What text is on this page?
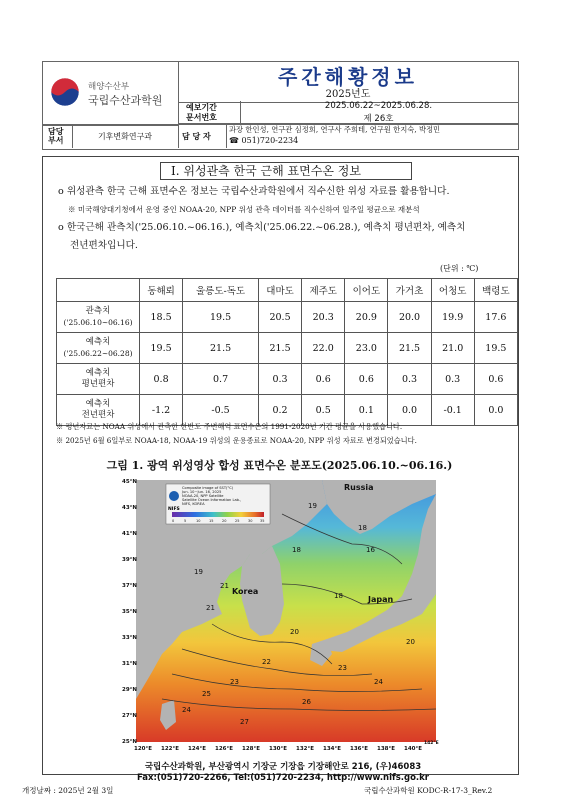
해양수산부
국립수산과학원
주간해황정보
2025년도
예보기간
문서번호
2025.06.22~2025.06.28.
제 26호
담당부서	기후변화연구과	담 당 자
과장 한인성, 연구관 심정희, 연구사 주희테, 연구원 한지숙, 박정민
☎ 051)720-2234
I. 위성관측 한국 근해 표면수온 정보
o 위성관측 한국 근해 표면수온 정보는 국립수산과학원에서 직수신한 위성 자료를 활용합니다.
※ 미국해양대기청에서 운영 중인 NOAA-20, NPP 위성 관측 데이터를 직수신하여 일주일 평균으로 재분석
o 한국근해 관측치('25.06.10.~06.16.), 예측치('25.06.22.~06.28.), 예측치 평년편차, 예측치
전년편차입니다.
(단위 : ℃)
	동해뢰	울릉도-독도	대마도	제주도	이어도	가거초	어청도	백령도
관측치
('25.06.10~06.16)	18.5	19.5	20.5	20.3	20.9	20.0	19.9	17.6
예측치
('25.06.22~06.28)	19.5	21.5	21.5	22.0	23.0	21.5	21.0	19.5
예측치
평년편차	0.8	0.7	0.3	0.6	0.6	0.3	0.3	0.6
예측치
전년편차	-1.2	-0.5	0.2	0.5	0.1	0.0	-0.1	0.0
※ 평년자료는 NOAA 위성에서 관측한 한반도 주변해역 표면수온의 1991-2020년 기간 평균을 사용했습니다.
※ 2025년 6월 6일부로 NOAA-18, NOAA-19 위성의 운용종료로 NOAA-20, NPP 위성 자료로 변경되었습니다.
그림 1. 광역 위성영상 합성 표면수온 분포도(2025.06.10.~06.16.)
19
18
16
18
18
21
20
22
23
23	24
25
26
27
24
20
21
19
Russia
Korea
Japan
NIFS
Composite image of SST(°C)
Jun. 10~Jun. 16, 2025
NOAA-20, NPP Satellite
Satellite Ocean Information Lab.,
NIFS, KOREA
0	5	10 15 20 25 30 35
45°N
43°N
41°N
39°N
37°N
35°N
33°N
31°N
29°N
27°N
25°N
120°E 122°E 124°E 126°E 128°E 130°E 132°E 134°E 136°E 138°E 140°E
142°E
국립수산과학원, 부산광역시 기장군 기장읍 기장해안로 216, (우)46083
Fax:(051)720-2266, Tel:(051)720-2234, http://www.nifs.go.kr
개정날짜 : 2025년 2월 3일	국립수산과학원 KODC-R-17-3_Rev.2
